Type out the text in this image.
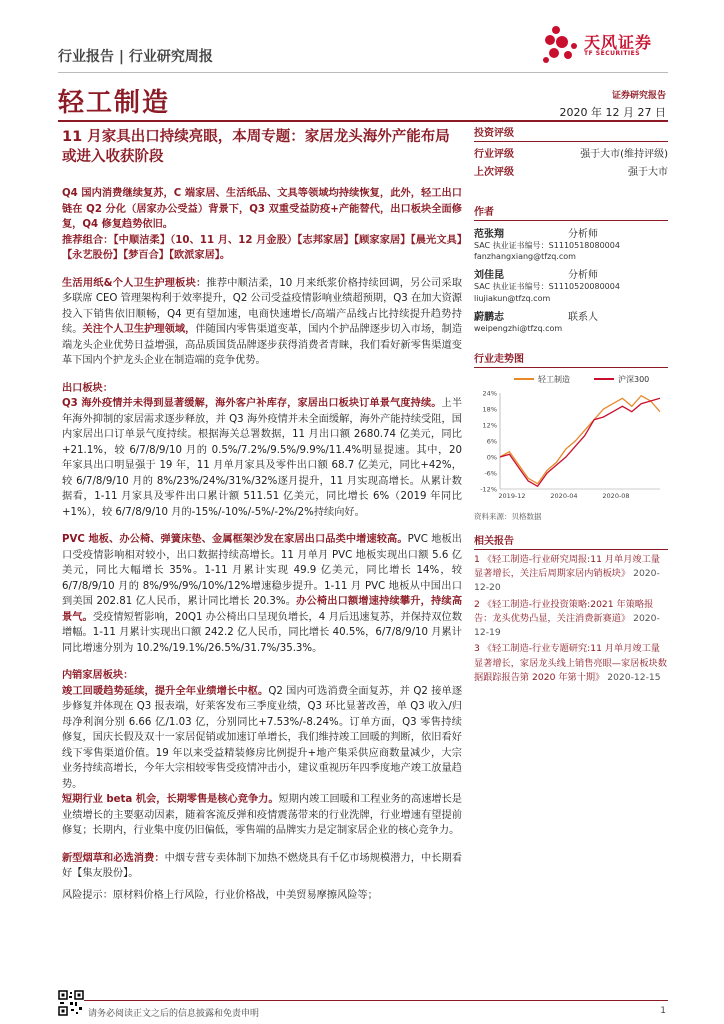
行业报告 | 行业研究周报
天风证券
TF SECURITIES
轻工制造	证券研究报告
2020 年 12 月 27 日
11 月家具出口持续亮眼，本周专题：家居龙头海外产能布局或进入收获阶段

Q4 国内消费继续复苏，C 端家居、生活纸品、文具等领域均持续恢复，此外，轻工出口链在 Q2 分化（居家办公受益）背景下，Q3 双重受益防疫+产能替代，出口板块全面修复，Q4 修复趋势依旧。

推荐组合：【中顺洁柔】（10、11 月、12 月金股）【志邦家居】【顾家家居】【晨光文具】【永艺股份】【梦百合】【欧派家居】。

生活用纸&个人卫生护理板块：推荐中顺洁柔，10 月来纸浆价格持续回调，另公司采取多联席 CEO 管理架构利于效率提升，Q2 公司受益疫情影响业绩超预期，Q3 在加大资源投入下销售依旧顺畅，Q4 更有望加速，电商快速增长/高端产品线占比持续提升趋势持续。关注个人卫生护理领域，伴随国内零售渠道变革，国内个护品牌逐步切入市场，制造端龙头企业优势日益增强，高品质国货品牌逐步获得消费者青睐，我们看好新零售渠道变革下国内个护龙头企业在制造端的竞争优势。

出口板块：

Q3 海外疫情并未得到显著缓解，海外客户补库存，家居出口板块订单景气度持续。上半年海外抑制的家居需求逐步释放，并 Q3 海外疫情并未全面缓解，海外产能持续受阻，国内家居出口订单景气度持续。根据海关总署数据，11 月出口额 2680.74 亿美元，同比 +21.1%，较 6/7/8/9/10 月的 0.5%/7.2%/9.5%/9.9%/11.4%明显提速。其中，20 年家具出口明显强于 19 年，11 月单月家具及零件出口额 68.7 亿美元，同比+42%，较 6/7/8/9/10 月的 8%/23%/24%/31%/32%逐月提升，11 月实现高增长。从累计数据看，1-11 月家具及零件出口累计额 511.51 亿美元，同比增长 6%（2019 年同比+1%），较 6/7/8/9/10 月的-15%/-10%/-5%/-2%/2%持续向好。

PVC 地板、办公椅、弹簧床垫、金属框架沙发在家居出口品类中增速较高。PVC 地板出口受疫情影响相对较小，出口数据持续高增长。11 月单月 PVC 地板实现出口额 5.6 亿美元，同比大幅增长 35%。1-11 月累计实现 49.9 亿美元，同比增长 14%，较 6/7/8/9/10 月的 8%/9%/9%/10%/12%增速稳步提升。1-11 月 PVC 地板从中国出口到美国 202.81 亿人民币，累计同比增长 20.3%。办公椅出口额增速持续攀升，持续高景气。受疫情短暂影响，20Q1 办公椅出口呈现负增长，4 月后迅速复苏，并保持双位数增幅。1-11 月累计实现出口额 242.2 亿人民币，同比增长 40.5%，6/7/8/9/10 月累计同比增速分别为 10.2%/19.1%/26.5%/31.7%/35.3%。

内销家居板块：

竣工回暖趋势延续，提升全年业绩增长中枢。Q2 国内可选消费全面复苏，并 Q2 接单逐步修复并体现在 Q3 报表端，好莱客发布三季度业绩，Q3 环比显著改善，单 Q3 收入/归母净利润分别 6.66 亿/1.03 亿，分别同比+7.53%/-8.24%。订单方面，Q3 零售持续修复，国庆长假及双十一家居促销或加速订单增长，我们维持竣工回暖的判断，依旧看好线下零售渠道价值。19 年以来受益精装修房比例提升+地产集采供应商数量减少，大宗业务持续高增长，今年大宗相较零售受疫情冲击小，建议重视历年四季度地产竣工放量趋势。

短期行业 beta 机会，长期零售是核心竞争力。短期内竣工回暖和工程业务的高速增长是业绩增长的主要驱动因素，随着客流反弹和疫情震荡带来的行业洗牌，行业增速有望提前修复；长期内，行业集中度仍旧偏低，零售端的品牌实力是定制家居企业的核心竞争力。

新型烟草和必选消费：中烟专营专卖体制下加热不燃烧具有千亿市场规模潜力，中长期看好【集友股份】。

风险提示：原材料价格上行风险，行业价格战，中美贸易摩擦风险等；

投资评级
行业评级	强于大市(维持评级)
上次评级	强于大市
作者
范张翔	分析师
SAC 执业证书编号：S1110518080004
fanzhangxiang@tfzq.com
刘佳昆	分析师
SAC 执业证书编号：S1110520080004
liujiakun@tfzq.com
蔚鹏志	联系人
weipengzhi@tfzq.com
行业走势图
轻工制造	沪深300
24%
18%
12%
6%
0%
-6%
-12%
2019-12	2020-04	2020-08
资料来源：贝格数据
相关报告
1 《轻工制造-行业研究周报:11 月单月竣工量显著增长，关注后周期家居内销板块》 2020-12-20
2 《轻工制造-行业投资策略:2021 年策略报告：龙头优势凸显，关注消费新赛道》 2020-12-19
3 《轻工制造-行业专题研究:11 月单月竣工量显著增长，家居龙头线上销售亮眼—家居板块数据跟踪报告第 2020 年第十期》 2020-12-15
请务必阅读正文之后的信息披露和免责申明	1
